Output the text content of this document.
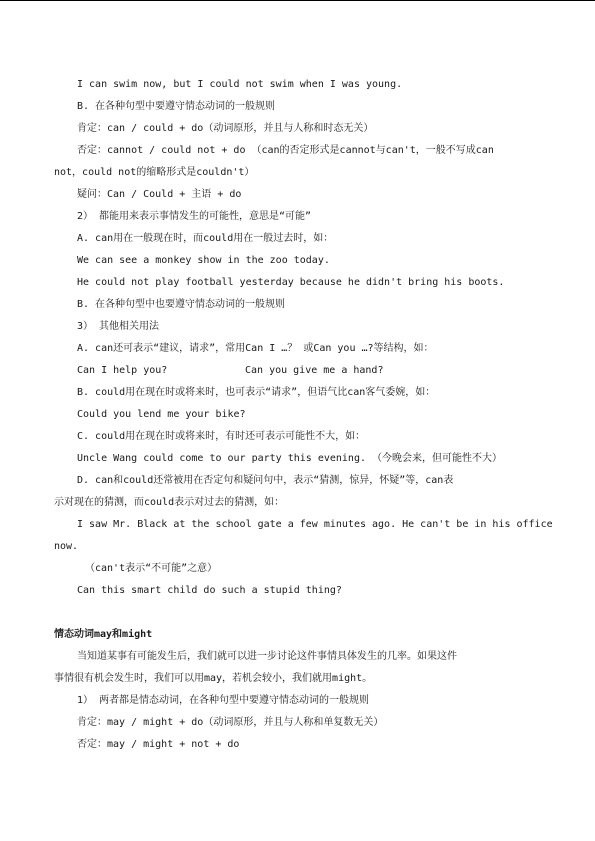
I can swim now, but I could not swim when I was young.
B. 在各种句型中要遵守情态动词的一般规则
肯定：can / could + do（动词原形，并且与人称和时态无关）
否定：cannot / could not + do （can的否定形式是cannot与can't，一般不写成can
not，could not的缩略形式是couldn't）
疑问：Can / Could + 主语 + do
2） 都能用来表示事情发生的可能性，意思是“可能”
A. can用在一般现在时，而could用在一般过去时，如：
We can see a monkey show in the zoo today.
He could not play football yesterday because he didn't bring his boots.
B. 在各种句型中也要遵守情态动词的一般规则
3） 其他相关用法
A. can还可表示“建议，请求”，常用Can I …？ 或Can you …?等结构，如：
Can I help you?	Can you give me a hand?
B. could用在现在时或将来时，也可表示“请求”，但语气比can客气委婉，如：
Could you lend me your bike?
C. could用在现在时或将来时，有时还可表示可能性不大，如：
Uncle Wang could come to our party this evening. （今晚会来，但可能性不大）
D. can和could还常被用在否定句和疑问句中，表示“猜测，惊异，怀疑”等，can表
示对现在的猜测，而could表示对过去的猜测，如：
I saw Mr. Black at the school gate a few minutes ago. He can't be in his office
now.
（can't表示“不可能”之意）
Can this smart child do such a stupid thing?
情态动词may和might
当知道某事有可能发生后，我们就可以进一步讨论这件事情具体发生的几率。如果这件
事情很有机会发生时，我们可以用may，若机会较小，我们就用might。
1） 两者都是情态动词，在各种句型中要遵守情态动词的一般规则
肯定：may / might + do（动词原形，并且与人称和单复数无关）
否定：may / might + not + do
